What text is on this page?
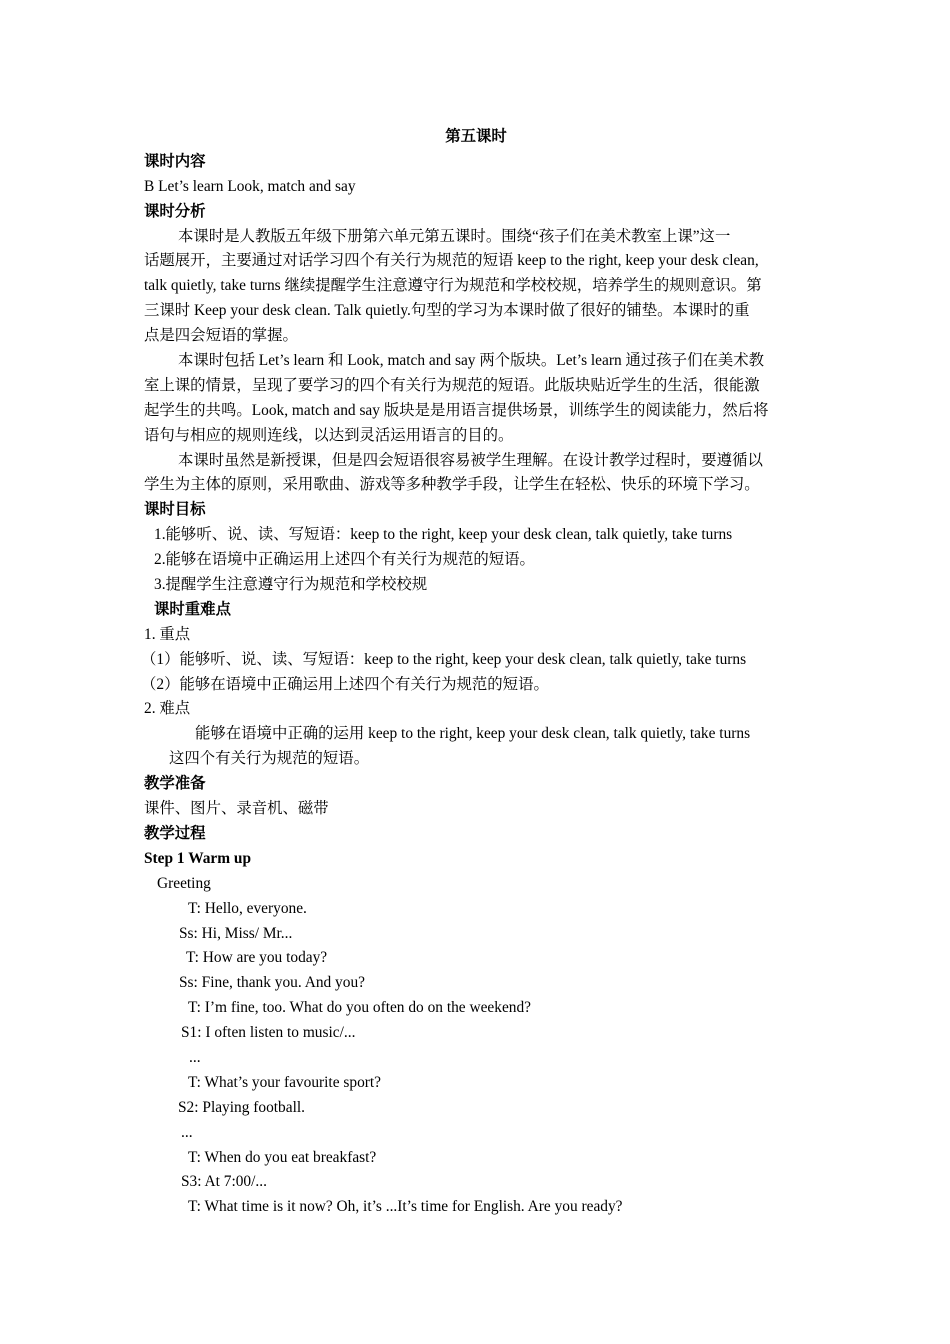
第五课时
课时内容
B Let’s learn Look, match and say
课时分析
本课时是人教版五年级下册第六单元第五课时。围绕“孩子们在美术教室上课”这一
话题展开，主要通过对话学习四个有关行为规范的短语 keep to the right, keep your desk clean,
talk quietly, take turns 继续提醒学生注意遵守行为规范和学校校规，培养学生的规则意识。第
三课时 Keep your desk clean. Talk quietly.句型的学习为本课时做了很好的铺垫。本课时的重
点是四会短语的掌握。
本课时包括 Let’s learn 和 Look, match and say 两个版块。Let’s learn 通过孩子们在美术教
室上课的情景，呈现了要学习的四个有关行为规范的短语。此版块贴近学生的生活，很能激
起学生的共鸣。Look, match and say 版块是是用语言提供场景，训练学生的阅读能力，然后将
语句与相应的规则连线，以达到灵活运用语言的目的。
本课时虽然是新授课，但是四会短语很容易被学生理解。在设计教学过程时，要遵循以
学生为主体的原则，采用歌曲、游戏等多种教学手段，让学生在轻松、快乐的环境下学习。
课时目标
1.能够听、说、读、写短语：keep to the right, keep your desk clean, talk quietly, take turns
2.能够在语境中正确运用上述四个有关行为规范的短语。
3.提醒学生注意遵守行为规范和学校校规
课时重难点
1. 重点
（1）能够听、说、读、写短语：keep to the right, keep your desk clean, talk quietly, take turns
（2）能够在语境中正确运用上述四个有关行为规范的短语。
2. 难点
能够在语境中正确的运用 keep to the right, keep your desk clean, talk quietly, take turns
这四个有关行为规范的短语。
教学准备
课件、图片、录音机、磁带
教学过程
Step 1 Warm up
Greeting
T: Hello, everyone.
Ss: Hi, Miss/ Mr...
T: How are you today?
Ss: Fine, thank you. And you?
T: I’m fine, too. What do you often do on the weekend?
S1: I often listen to music/...
...
T: What’s your favourite sport?
S2: Playing football.
...
T: When do you eat breakfast?
S3: At 7:00/...
T: What time is it now? Oh, it’s ...It’s time for English. Are you ready?
